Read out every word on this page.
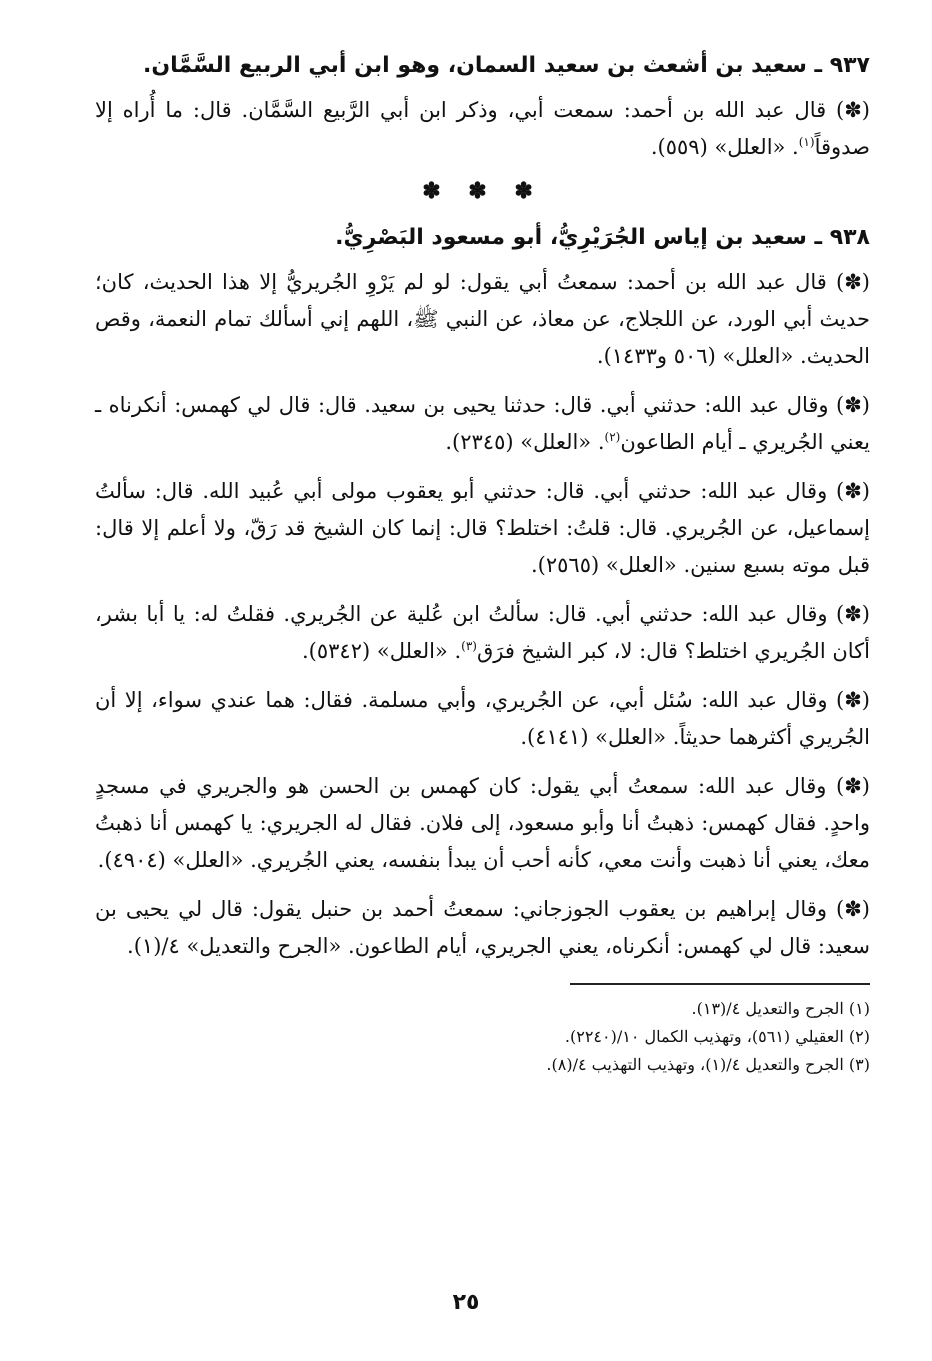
٩٣٧ ـ سعيد بن أشعث بن سعيد السمان، وهو ابن أبي الربيع السَّمَّان.

(✽) قال عبد الله بن أحمد: سمعت أبي، وذكر ابن أبي الرَّبيع السَّمَّان. قال: ما أُراه إلا صدوقاً$^{(١)}$. «العلل» (٥٥٩).

✽ ✽ ✽
٩٣٨ ـ سعيد بن إياس الجُرَيْرِيُّ، أبو مسعود البَصْرِيُّ.

(✽) قال عبد الله بن أحمد: سمعتُ أبي يقول: لو لم يَرْوِ الجُريريُّ إلا هذا الحديث، كان؛ حديث أبي الورد، عن اللجلاج، عن معاذ، عن النبي ﷺ، اللهم إني أسألك تمام النعمة، وقص الحديث. «العلل» (٥٠٦ و١٤٣٣).

(✽) وقال عبد الله: حدثني أبي. قال: حدثنا يحيى بن سعيد. قال: قال لي كهمس: أنكرناه ـ يعني الجُريري ـ أيام الطاعون$^{(٢)}$. «العلل» (٢٣٤٥).

(✽) وقال عبد الله: حدثني أبي. قال: حدثني أبو يعقوب مولى أبي عُبيد الله. قال: سألتُ إسماعيل، عن الجُريري. قال: قلتُ: اختلط؟ قال: إنما كان الشيخ قد رَقّ، ولا أعلم إلا قال: قبل موته بسبع سنين. «العلل» (٢٥٦٥).

(✽) وقال عبد الله: حدثني أبي. قال: سألتُ ابن عُلية عن الجُريري. فقلتُ له: يا أبا بشر، أكان الجُريري اختلط؟ قال: لا، كبر الشيخ فرَق$^{(٣)}$. «العلل» (٥٣٤٢).

(✽) وقال عبد الله: سُئل أبي، عن الجُريري، وأبي مسلمة. فقال: هما عندي سواء، إلا أن الجُريري أكثرهما حديثاً. «العلل» (٤١٤١).

(✽) وقال عبد الله: سمعتُ أبي يقول: كان كهمس بن الحسن هو والجريري في مسجدٍ واحدٍ. فقال كهمس: ذهبتُ أنا وأبو مسعود، إلى فلان. فقال له الجريري: يا كهمس أنا ذهبتُ معك، يعني أنا ذهبت وأنت معي، كأنه أحب أن يبدأ بنفسه، يعني الجُريري. «العلل» (٤٩٠٤).

(✽) وقال إبراهيم بن يعقوب الجوزجاني: سمعتُ أحمد بن حنبل يقول: قال لي يحيى بن سعيد: قال لي كهمس: أنكرناه، يعني الجريري، أيام الطاعون. «الجرح والتعديل» ٤/(١).

(١) الجرح والتعديل ٤/(١٣).

(٢) العقيلي (٥٦١)، وتهذيب الكمال ١٠/(٢٢٤٠).

(٣) الجرح والتعديل ٤/(١)، وتهذيب التهذيب ٤/(٨).

٢٥
